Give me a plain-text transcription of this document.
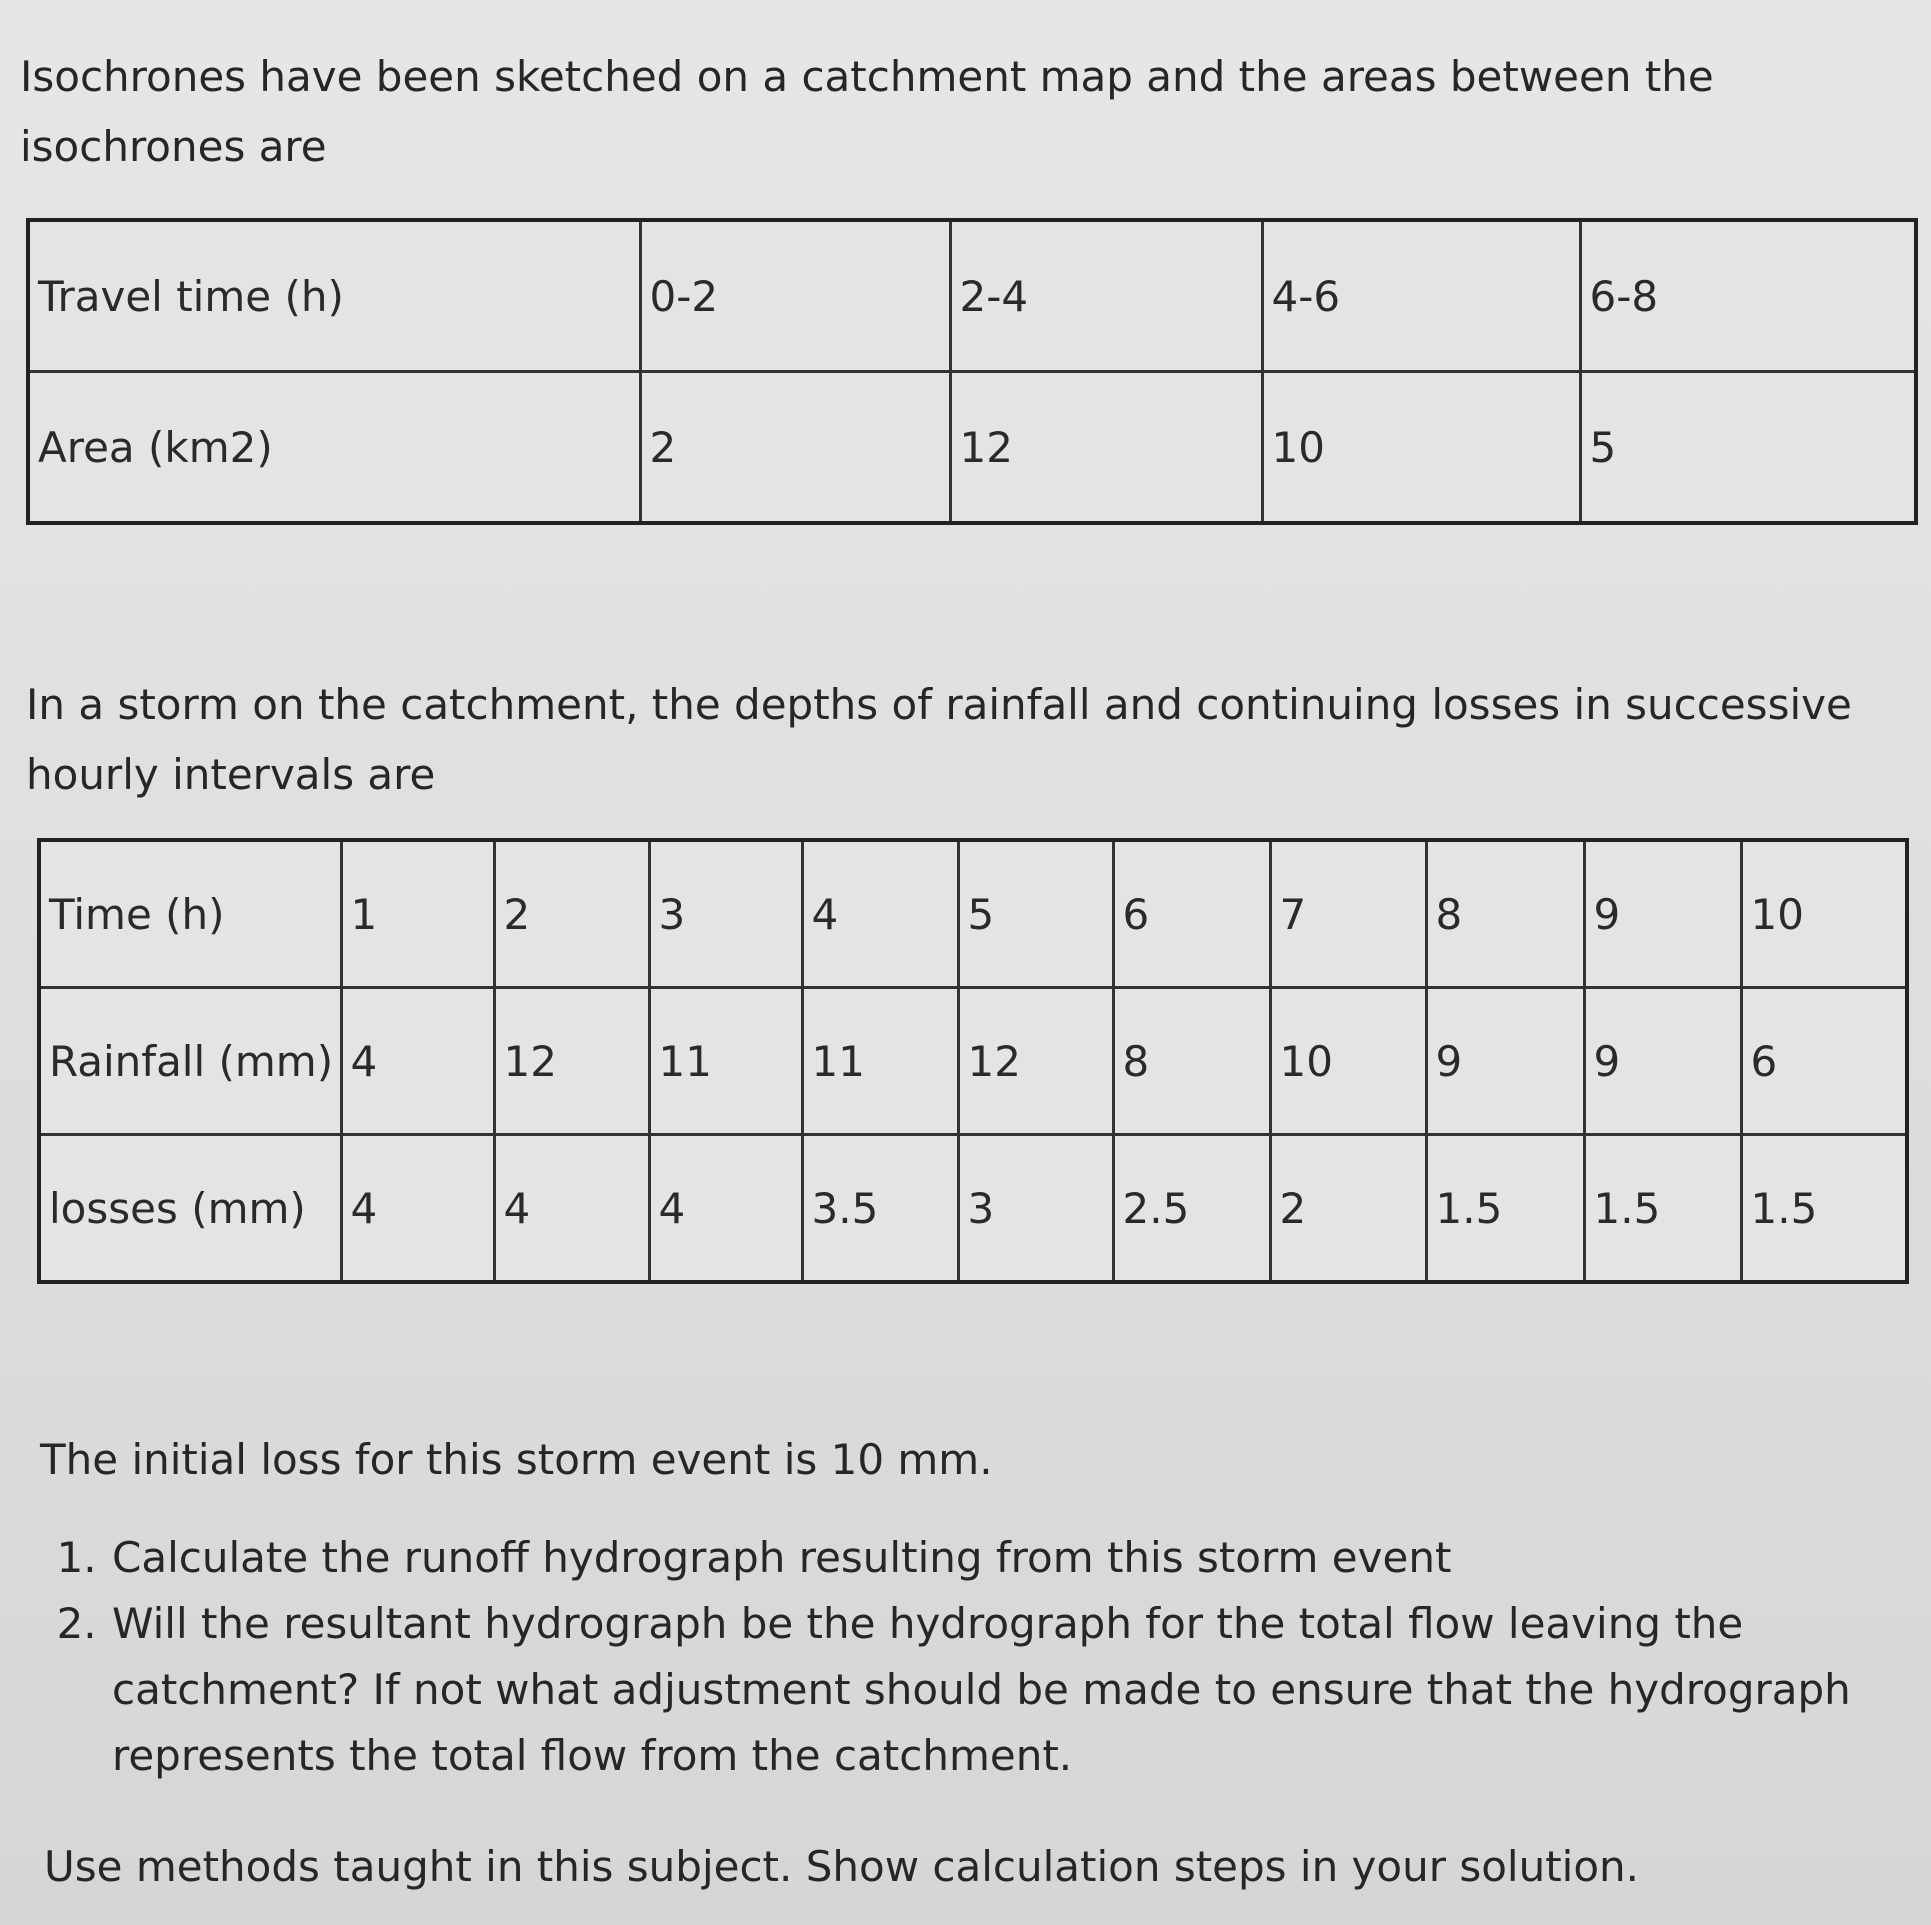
Isochrones have been sketched on a catchment map and the areas between the isochrones are

Travel time (h)	0-2	2-4	4-6	6-8
Area (km2)	2	12	10	5

In a storm on the catchment, the depths of rainfall and continuing losses in successive hourly intervals are

Time (h)	1	2	3	4	5	6	7	8	9	10
Rainfall (mm)	4	12	11	11	12	8	10	9	9	6
losses (mm)	4	4	4	3.5	3	2.5	2	1.5	1.5	1.5

The initial loss for this storm event is 10 mm.

1. Calculate the runoff hydrograph resulting from this storm event
2. Will the resultant hydrograph be the hydrograph for the total flow leaving the catchment? If not what adjustment should be made to ensure that the hydrograph represents the total flow from the catchment.

Use methods taught in this subject. Show calculation steps in your solution.
